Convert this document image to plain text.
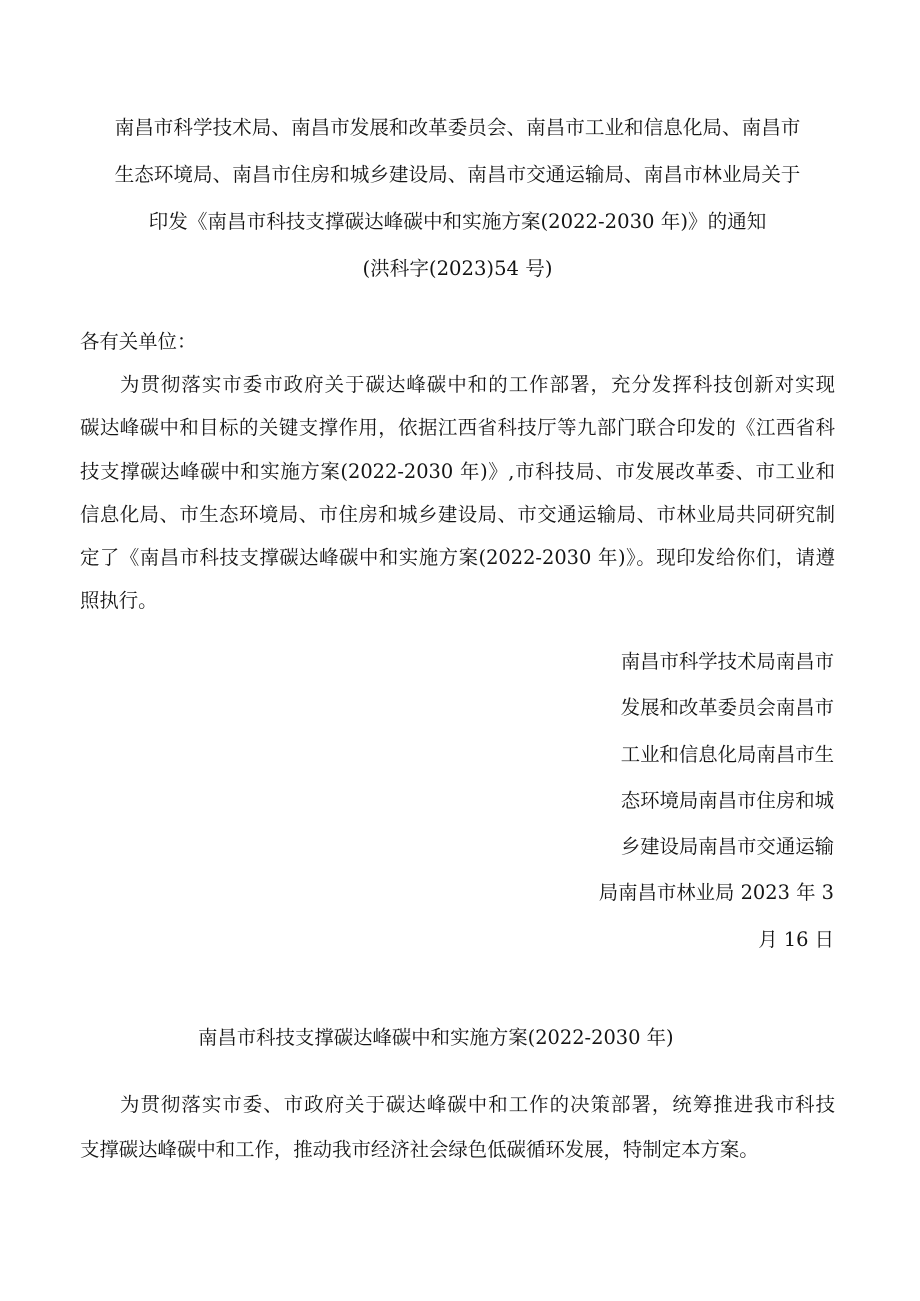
南昌市科学技术局、南昌市发展和改革委员会、南昌市工业和信息化局、南昌市
生态环境局、南昌市住房和城乡建设局、南昌市交通运输局、南昌市林业局关于
印发《南昌市科技支撑碳达峰碳中和实施方案(2022-2030 年)》的通知
(洪科字(2023)54 号)
各有关单位：
为贯彻落实市委市政府关于碳达峰碳中和的工作部署，充分发挥科技创新对实现
碳达峰碳中和目标的关键支撑作用，依据江西省科技厅等九部门联合印发的《江西省科
技支撑碳达峰碳中和实施方案(2022-2030 年)》,市科技局、市发展改革委、市工业和
信息化局、市生态环境局、市住房和城乡建设局、市交通运输局、市林业局共同研究制
定了《南昌市科技支撑碳达峰碳中和实施方案(2022-2030 年)》。现印发给你们，请遵
照执行。
南昌市科学技术局南昌市
发展和改革委员会南昌市
工业和信息化局南昌市生
态环境局南昌市住房和城
乡建设局南昌市交通运输
局南昌市林业局 2023 年 3
月 16 日
南昌市科技支撑碳达峰碳中和实施方案(2022-2030 年)
为贯彻落实市委、市政府关于碳达峰碳中和工作的决策部署，统筹推进我市科技
支撑碳达峰碳中和工作，推动我市经济社会绿色低碳循环发展，特制定本方案。
